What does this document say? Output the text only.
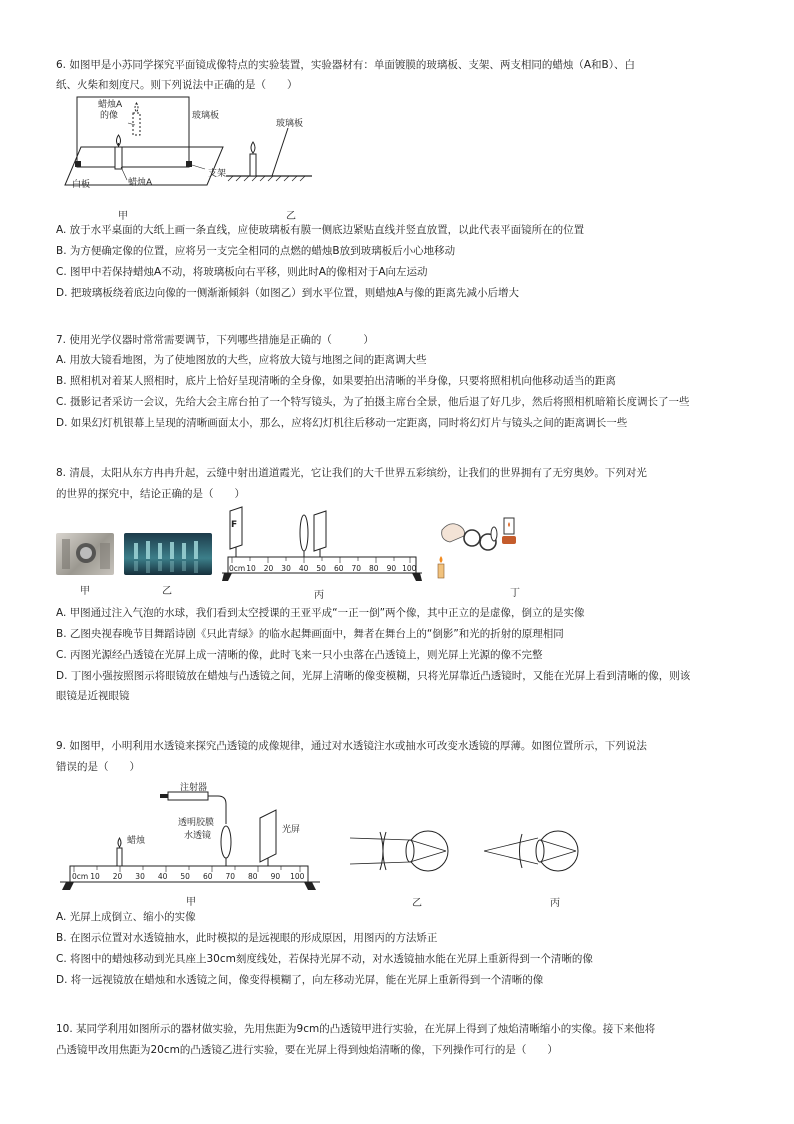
6. 如图甲是小苏同学探究平面镜成像特点的实验装置，实验器材有：单面镀膜的玻璃板、支架、两支相同的蜡烛（A和B）、白
纸、火柴和刻度尺。则下列说法中正确的是（　　）
蜡烛A
的像	玻璃板
白板	蜡烛A
支架
甲
玻璃板
乙
A. 放于水平桌面的大纸上画一条直线，应使玻璃板有膜一侧底边紧贴直线并竖直放置，以此代表平面镜所在的位置
B. 为方便确定像的位置，应将另一支完全相同的点燃的蜡烛B放到玻璃板后小心地移动
C. 图甲中若保持蜡烛A不动，将玻璃板向右平移，则此时A的像相对于A向左运动
D. 把玻璃板绕着底边向像的一侧渐渐倾斜（如图乙）到水平位置，则蜡烛A与像的距离先减小后增大
7. 使用光学仪器时常常需要调节，下列哪些措施是正确的（　　　）
A. 用放大镜看地图，为了使地图放的大些，应将放大镜与地图之间的距离调大些
B. 照相机对着某人照相时，底片上恰好呈现清晰的全身像，如果要拍出清晰的半身像，只要将照相机向他移动适当的距离
C. 摄影记者采访一会议，先给大会主席台拍了一个特写镜头，为了拍摄主席台全景，他后退了好几步，然后将照相机暗箱长度调长了一些
D. 如果幻灯机银幕上呈现的清晰画面太小，那么，应将幻灯机往后移动一定距离，同时将幻灯片与镜头之间的距离调长一些
8. 清晨，太阳从东方冉冉升起，云缝中射出道道霞光，它让我们的大千世界五彩缤纷，让我们的世界拥有了无穷奥妙。下列对光
的世界的探究中，结论正确的是（　　）
甲	乙
F
0cm 10 20 30 40 50 60 70 80 90 100
丙	丁
A. 甲图通过注入气泡的水球，我们看到太空授课的王亚平成“一正一倒”两个像，其中正立的是虚像，倒立的是实像
B. 乙图央视春晚节目舞蹈诗剧《只此青绿》的临水起舞画面中，舞者在舞台上的“倒影”和光的折射的原理相同
C. 丙图光源经凸透镜在光屏上成一清晰的像，此时飞来一只小虫落在凸透镜上，则光屏上光源的像不完整
D. 丁图小强按照图示将眼镜放在蜡烛与凸透镜之间，光屏上清晰的像变模糊，只将光屏靠近凸透镜时，又能在光屏上看到清晰的像，则该
眼镜是近视眼镜
9. 如图甲，小明利用水透镜来探究凸透镜的成像规律，通过对水透镜注水或抽水可改变水透镜的厚薄。如图位置所示，下列说法
错误的是（　　）
注射器
透明胶膜
水透镜
蜡烛
光屏
0cm 10 20 30 40 50 60 70 80 90 100
甲	乙	丙
A. 光屏上成倒立、缩小的实像
B. 在图示位置对水透镜抽水，此时模拟的是远视眼的形成原因，用图丙的方法矫正
C. 将图中的蜡烛移动到光具座上30cm刻度线处，若保持光屏不动，对水透镜抽水能在光屏上重新得到一个清晰的像
D. 将一远视镜放在蜡烛和水透镜之间，像变得模糊了，向左移动光屏，能在光屏上重新得到一个清晰的像
10. 某同学利用如图所示的器材做实验，先用焦距为9cm的凸透镜甲进行实验，在光屏上得到了烛焰清晰缩小的实像。接下来他将
凸透镜甲改用焦距为20cm的凸透镜乙进行实验，要在光屏上得到烛焰清晰的像，下列操作可行的是（　　）
